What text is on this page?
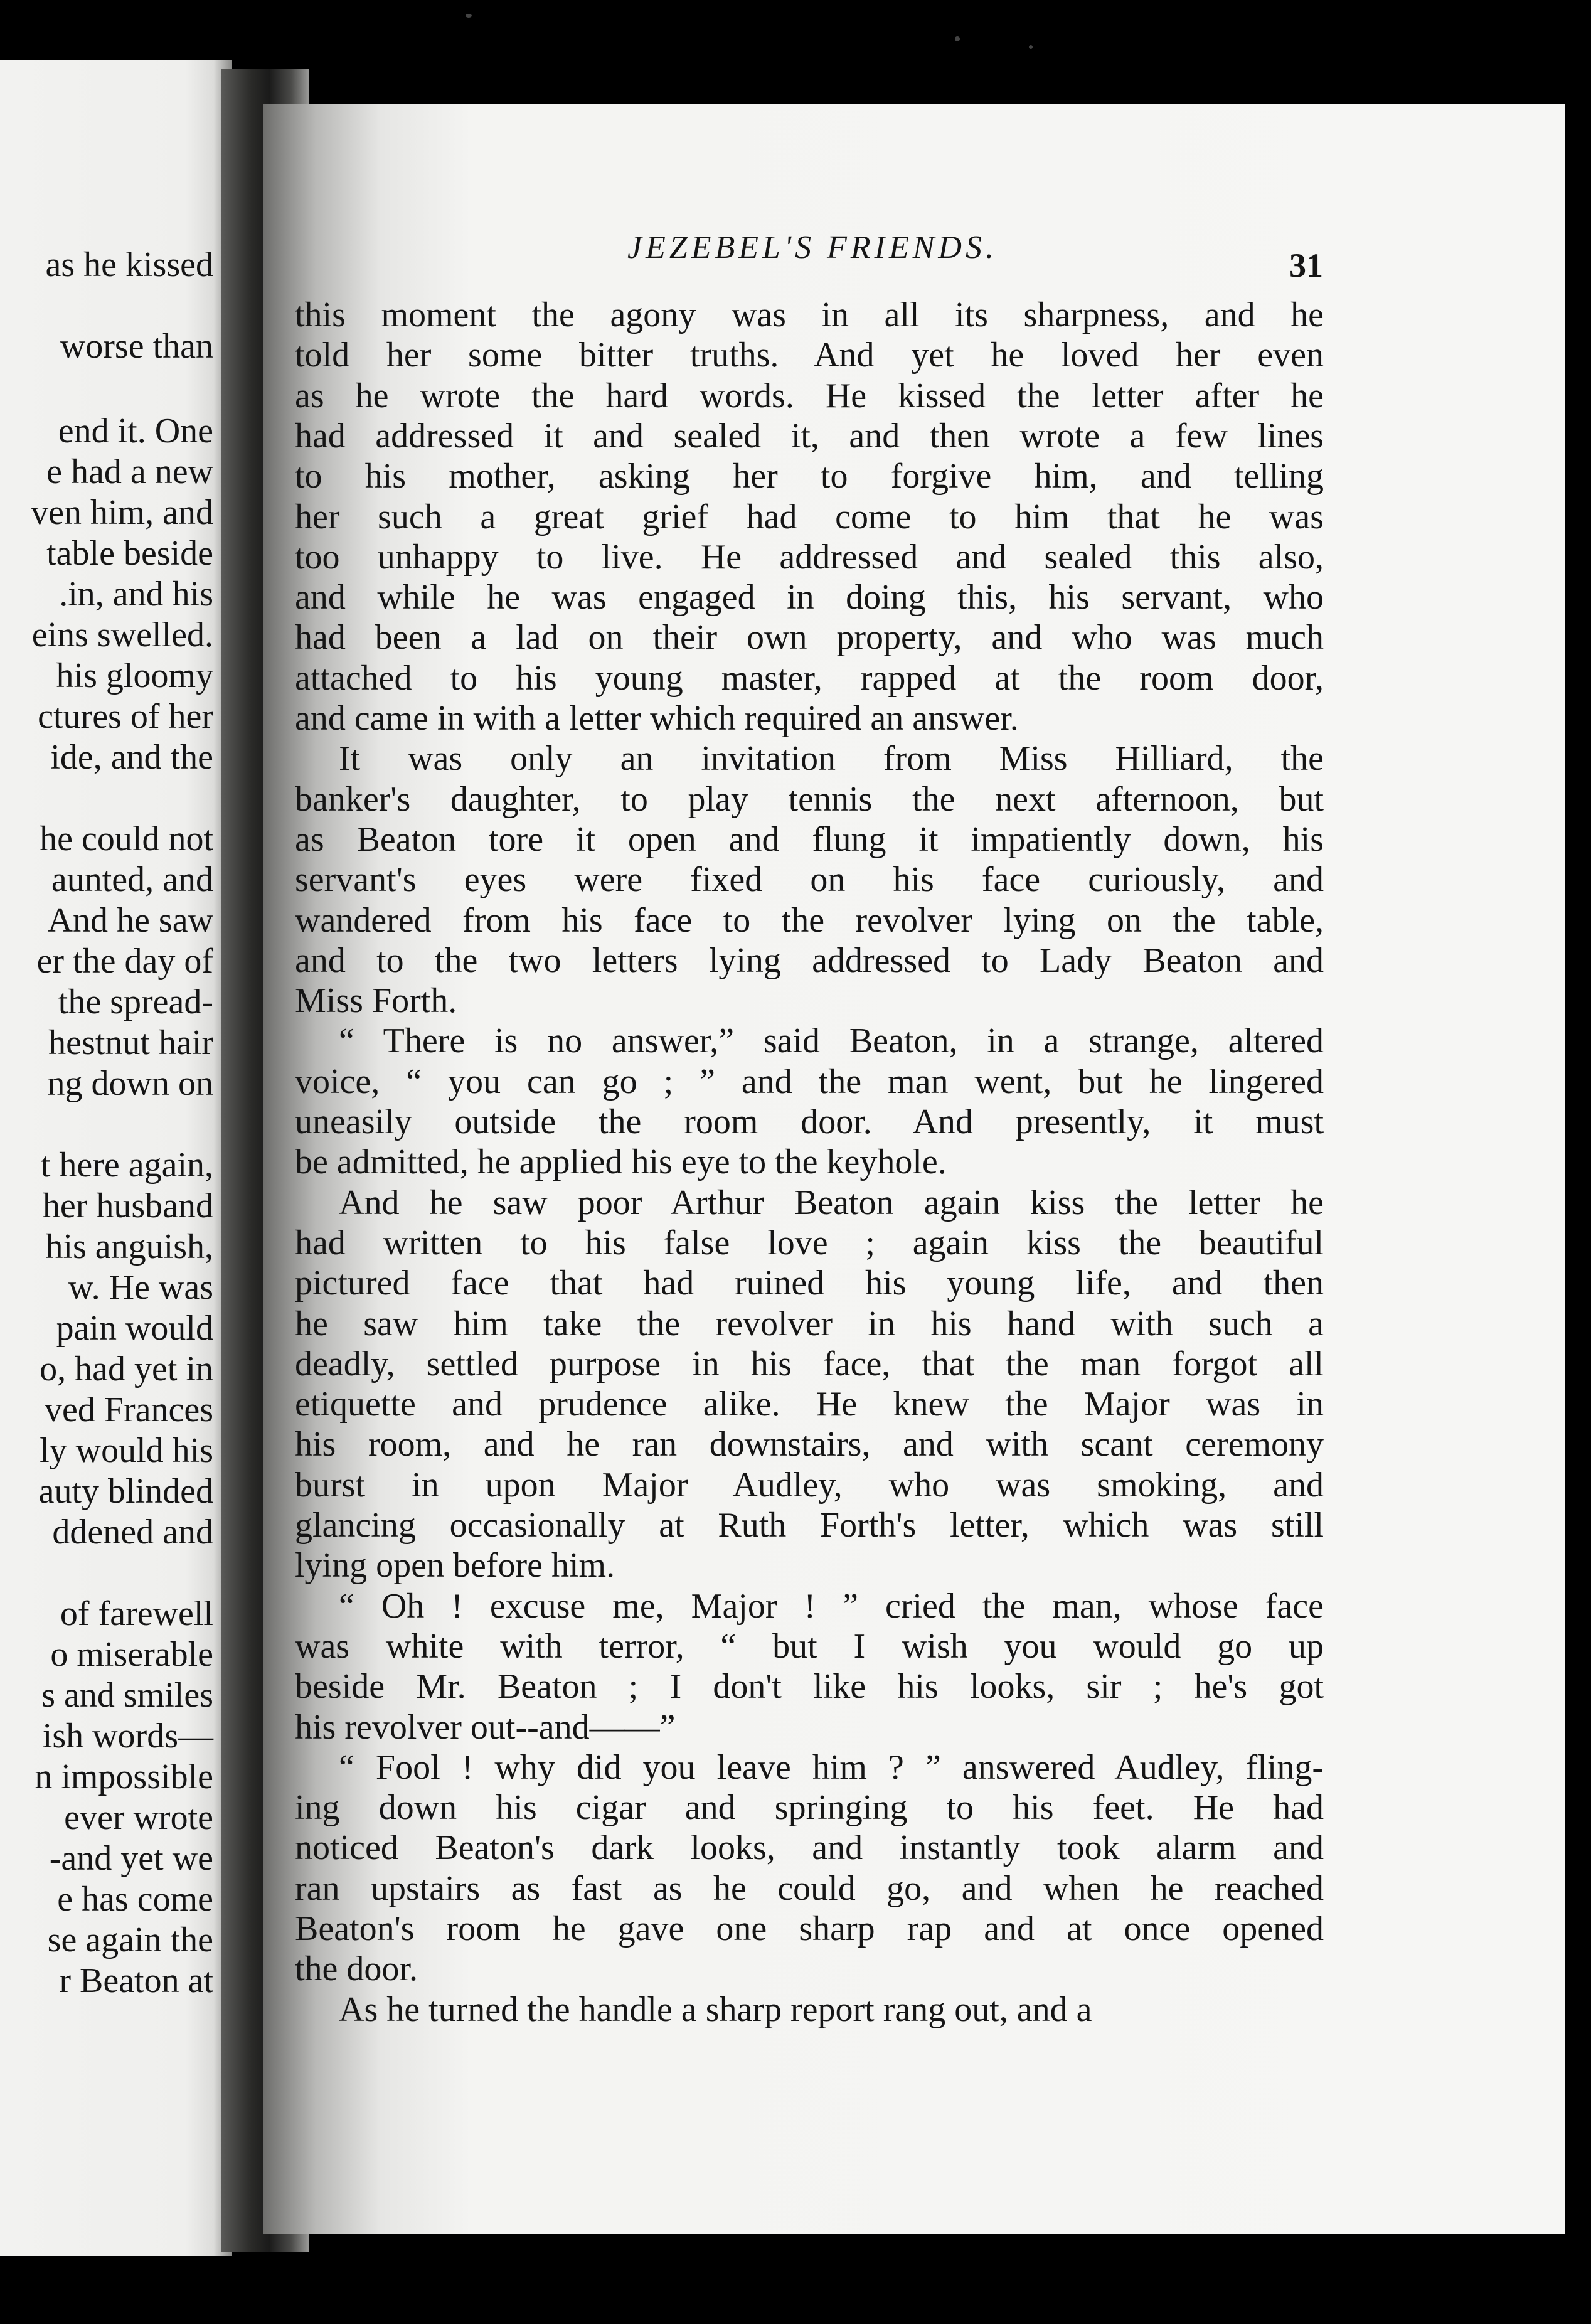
as he kissed
worse than
end it. One
e had a new
ven him, and
table beside
.in, and his
eins swelled.
his gloomy
ctures of her
ide, and the
he could not
aunted, and
And he saw
er the day of
the spread-
hestnut hair
ng down on
t here again,
her husband
his anguish,
w. He was
pain would
o, had yet in
ved Frances
ly would his
auty blinded
ddened and
of farewell
o miserable
s and smiles
ish words—
n impossible
ever wrote
-and yet we
e has come
se again the
r Beaton at
JEZEBEL'S FRIENDS.	31
this moment the agony was in all its sharpness, and he
told her some bitter truths. And yet he loved her even
as he wrote the hard words. He kissed the letter after he
had addressed it and sealed it, and then wrote a few lines
to his mother, asking her to forgive him, and telling
her such a great grief had come to him that he was
too unhappy to live. He addressed and sealed this also,
and while he was engaged in doing this, his servant, who
had been a lad on their own property, and who was much
attached to his young master, rapped at the room door,
and came in with a letter which required an answer.
It was only an invitation from Miss Hilliard, the
banker's daughter, to play tennis the next afternoon, but
as Beaton tore it open and flung it impatiently down, his
servant's eyes were fixed on his face curiously, and
wandered from his face to the revolver lying on the table,
and to the two letters lying addressed to Lady Beaton and
Miss Forth.
“ There is no answer,” said Beaton, in a strange, altered
voice, “ you can go ; ” and the man went, but he lingered
uneasily outside the room door. And presently, it must
be admitted, he applied his eye to the keyhole.
And he saw poor Arthur Beaton again kiss the letter he
had written to his false love ; again kiss the beautiful
pictured face that had ruined his young life, and then
he saw him take the revolver in his hand with such a
deadly, settled purpose in his face, that the man forgot all
etiquette and prudence alike. He knew the Major was in
his room, and he ran downstairs, and with scant ceremony
burst in upon Major Audley, who was smoking, and
glancing occasionally at Ruth Forth's letter, which was still
lying open before him.
“ Oh ! excuse me, Major ! ” cried the man, whose face
was white with terror, “ but I wish you would go up
beside Mr. Beaton ; I don't like his looks, sir ; he's got
his revolver out--and——”
“ Fool ! why did you leave him ? ” answered Audley, fling-
ing down his cigar and springing to his feet. He had
noticed Beaton's dark looks, and instantly took alarm and
ran upstairs as fast as he could go, and when he reached
Beaton's room he gave one sharp rap and at once opened
the door.
As he turned the handle a sharp report rang out, and a
